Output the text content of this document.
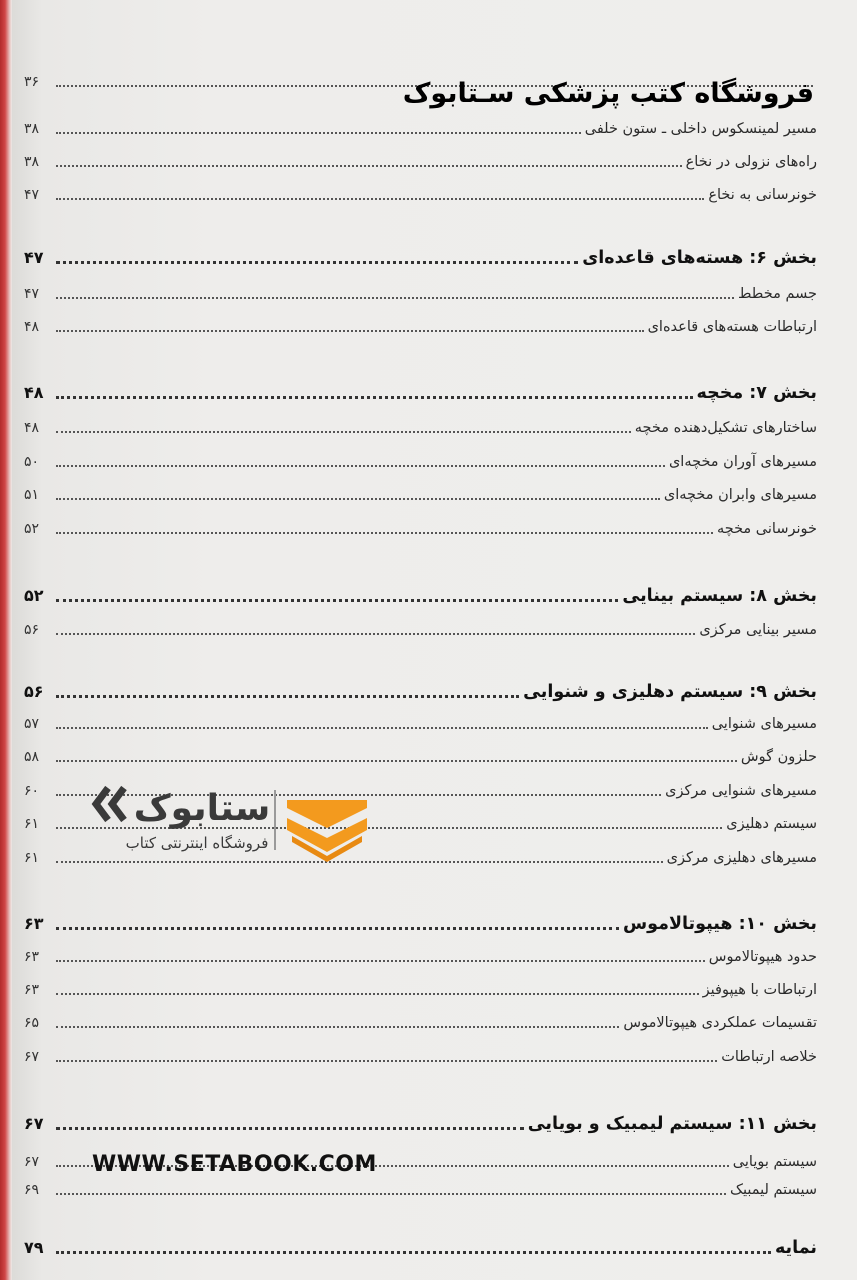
۳۶
مسیر لمینسکوس داخلی ـ ستون خلفی
۳۸
راه‌های نزولی در نخاع
۳۸
خونرسانی به نخاع
۴۷
بخش ۶: هسته‌های قاعده‌ای
۴۷
جسم مخطط
۴۷
ارتباطات هسته‌های قاعده‌ای
۴۸
بخش ۷: مخچه
۴۸
ساختارهای تشکیل‌دهنده مخچه
۴۸
مسیرهای آوران مخچه‌ای
۵۰
مسیرهای وابران مخچه‌ای
۵۱
خونرسانی مخچه
۵۲
بخش ۸: سیستم بینایی
۵۲
مسیر بینایی مرکزی
۵۶
بخش ۹: سیستم دهلیزی و شنوایی
۵۶
مسیرهای شنوایی
۵۷
حلزون گوش
۵۸
مسیرهای شنوایی مرکزی
۶۰
سیستم دهلیزی
۶۱
مسیرهای دهلیزی مرکزی
۶۱
بخش ۱۰: هیپوتالاموس
۶۳
حدود هیپوتالاموس
۶۳
ارتباطات با هیپوفیز
۶۳
تقسیمات عملکردی هیپوتالاموس
۶۵
خلاصه ارتباطات
۶۷
بخش ۱۱: سیستم لیمبیک و بویایی
۶۷
سیستم بویایی
۶۷
سیستم لیمبیک
۶۹
نمایه
۷۹
فروشگاه کتب پزشکی سـتابوک
ستابوک
فروشگاه اینترنتی کتاب
WWW.SETABOOK.COM
